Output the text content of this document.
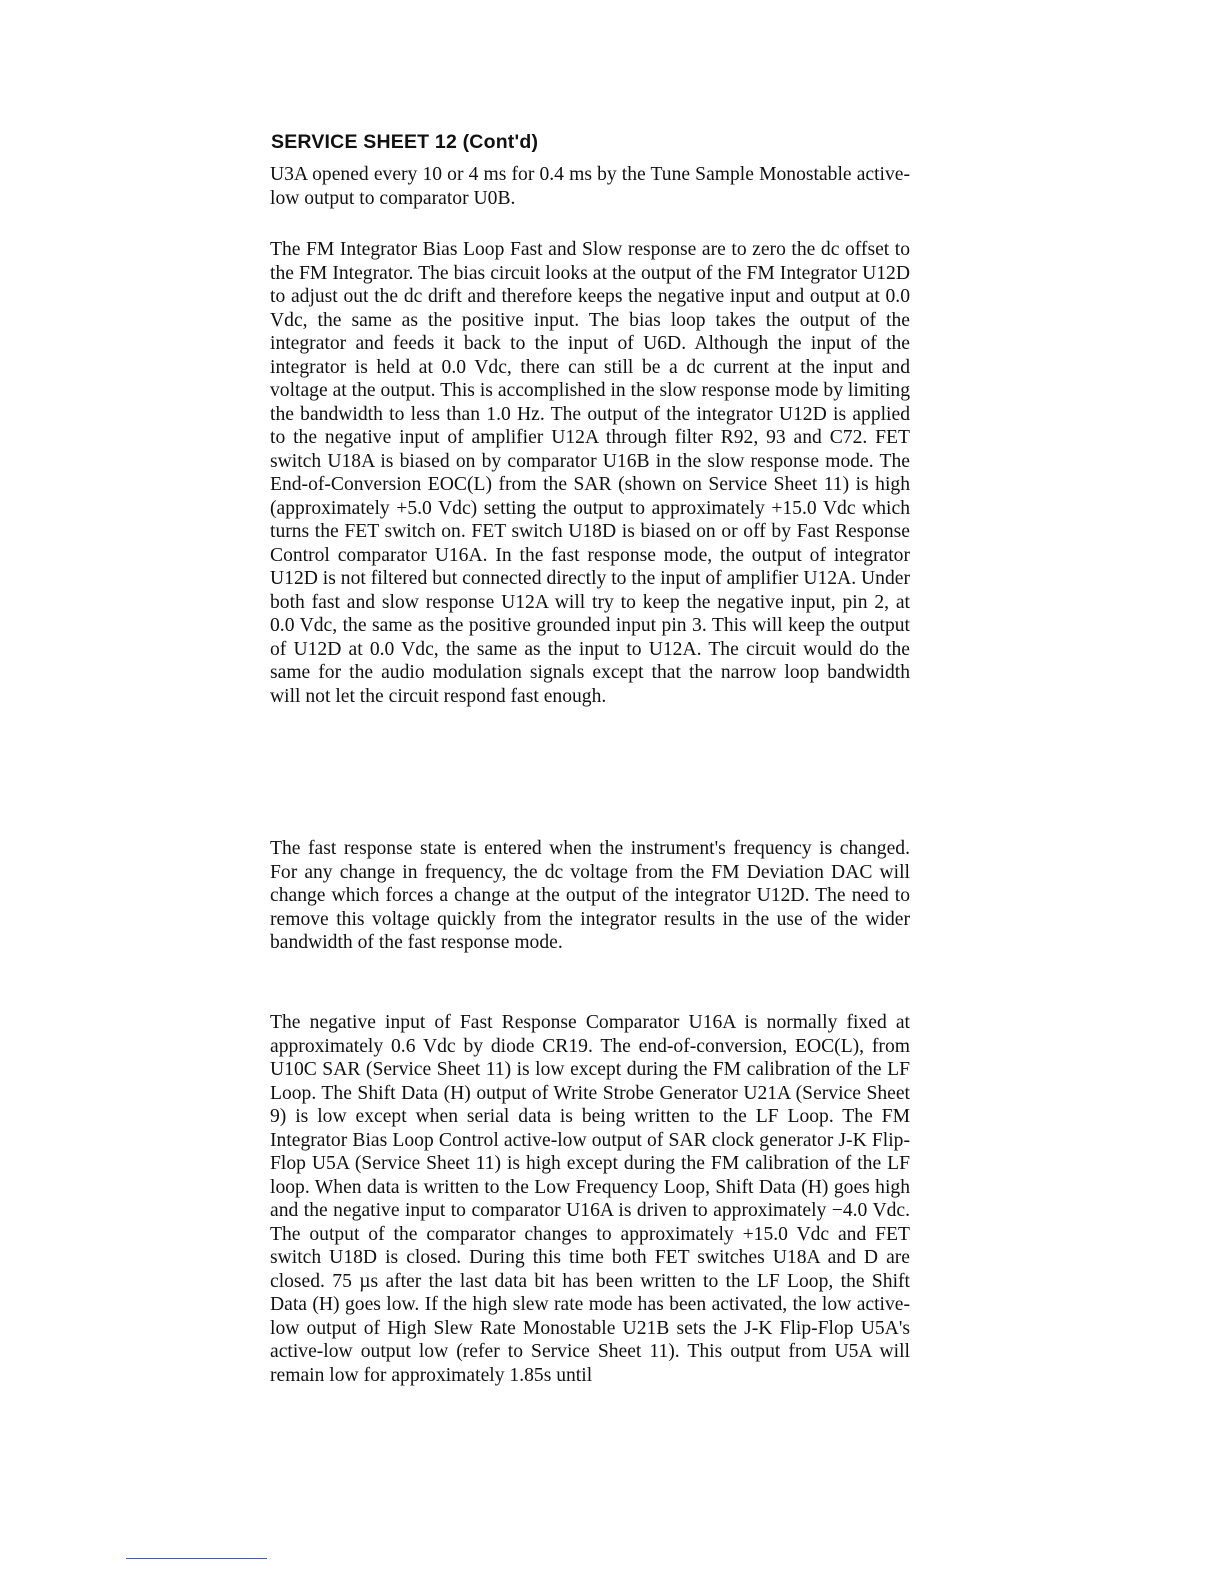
SERVICE SHEET 12 (Cont'd)

U3A opened every 10 or 4 ms for 0.4 ms by the Tune Sample Monostable active-low output to comparator U0B.

The FM Integrator Bias Loop Fast and Slow response are to zero the dc offset to the FM Integrator. The bias circuit looks at the output of the FM Integrator U12D to adjust out the dc drift and therefore keeps the negative input and output at 0.0 Vdc, the same as the positive input. The bias loop takes the output of the integrator and feeds it back to the input of U6D. Although the input of the integrator is held at 0.0 Vdc, there can still be a dc current at the input and voltage at the output. This is accomplished in the slow response mode by limiting the bandwidth to less than 1.0 Hz. The output of the integrator U12D is applied to the negative input of amplifier U12A through filter R92, 93 and C72. FET switch U18A is biased on by comparator U16B in the slow response mode. The End-of-Conversion EOC(L) from the SAR (shown on Service Sheet 11) is high (approximately +5.0 Vdc) setting the output to approximately +15.0 Vdc which turns the FET switch on. FET switch U18D is biased on or off by Fast Response Control comparator U16A. In the fast response mode, the output of integrator U12D is not filtered but connected directly to the input of amplifier U12A. Under both fast and slow response U12A will try to keep the negative input, pin 2, at 0.0 Vdc, the same as the positive grounded input pin 3. This will keep the output of U12D at 0.0 Vdc, the same as the input to U12A. The circuit would do the same for the audio modulation signals except that the narrow loop bandwidth will not let the circuit respond fast enough.

The fast response state is entered when the instrument's frequency is changed. For any change in frequency, the dc voltage from the FM Deviation DAC will change which forces a change at the output of the integrator U12D. The need to remove this voltage quickly from the integrator results in the use of the wider bandwidth of the fast response mode.

The negative input of Fast Response Comparator U16A is normally fixed at approximately 0.6 Vdc by diode CR19. The end-of-conversion, EOC(L), from U10C SAR (Service Sheet 11) is low except during the FM calibration of the LF Loop. The Shift Data (H) output of Write Strobe Generator U21A (Service Sheet 9) is low except when serial data is being written to the LF Loop. The FM Integrator Bias Loop Control active-low output of SAR clock generator J-K Flip-Flop U5A (Service Sheet 11) is high except during the FM calibration of the LF loop. When data is written to the Low Frequency Loop, Shift Data (H) goes high and the negative input to comparator U16A is driven to approximately −4.0 Vdc. The output of the comparator changes to approximately +15.0 Vdc and FET switch U18D is closed. During this time both FET switches U18A and D are closed. 75 µs after the last data bit has been written to the LF Loop, the Shift Data (H) goes low. If the high slew rate mode has been activated, the low active-low output of High Slew Rate Monostable U21B sets the J-K Flip-Flop U5A's active-low output low (refer to Service Sheet 11). This output from U5A will remain low for approximately 1.85s until
